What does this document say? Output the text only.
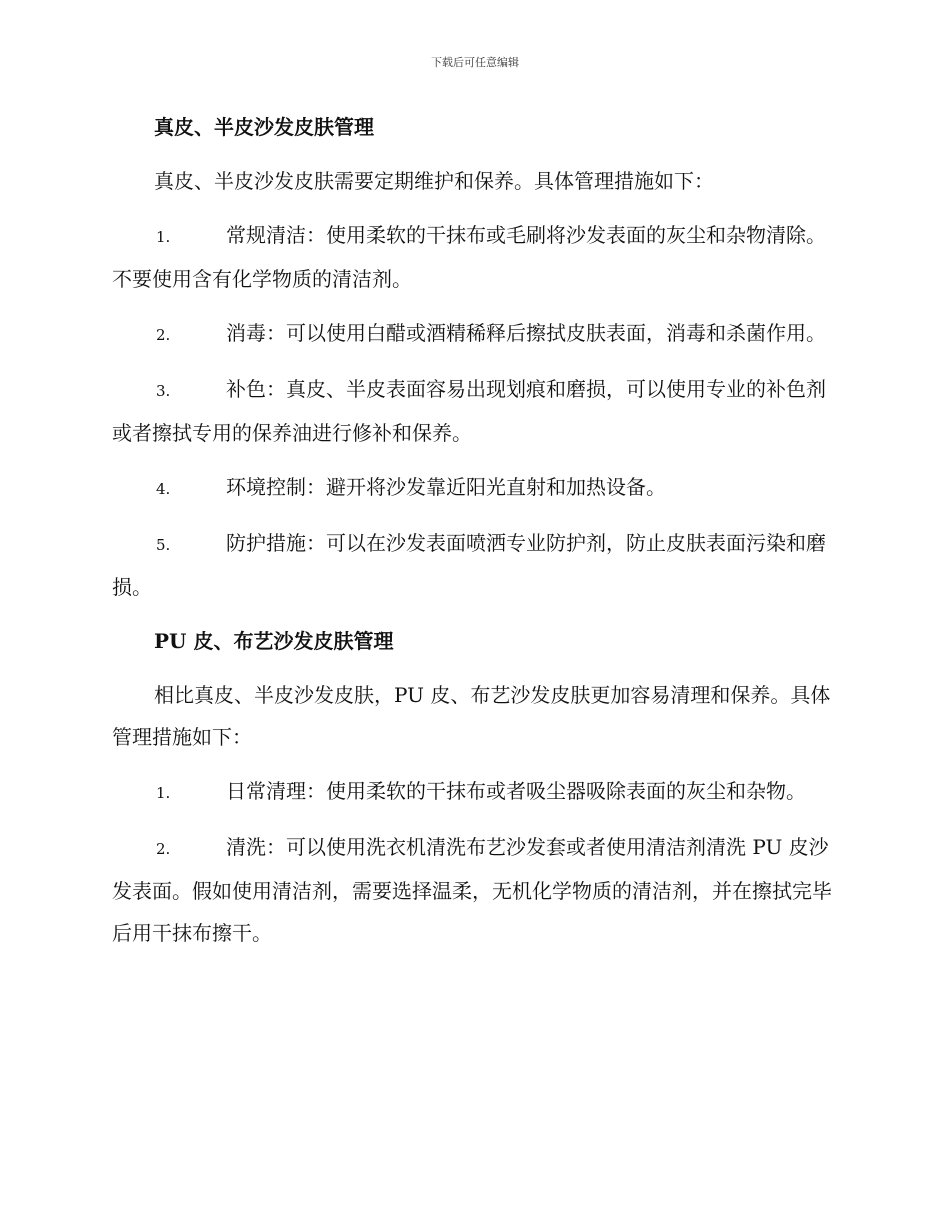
下载后可任意编辑
真皮、半皮沙发皮肤管理
真皮、半皮沙发皮肤需要定期维护和保养。具体管理措施如下：
1.	常规清洁：使用柔软的干抹布或毛刷将沙发表面的灰尘和杂物清除。不要使用含有化学物质的清洁剂。
2.	消毒：可以使用白醋或酒精稀释后擦拭皮肤表面，消毒和杀菌作用。
3.	补色：真皮、半皮表面容易出现划痕和磨损，可以使用专业的补色剂或者擦拭专用的保养油进行修补和保养。
4.	环境控制：避开将沙发靠近阳光直射和加热设备。
5.	防护措施：可以在沙发表面喷洒专业防护剂，防止皮肤表面污染和磨损。
PU 皮、布艺沙发皮肤管理
相比真皮、半皮沙发皮肤，PU 皮、布艺沙发皮肤更加容易清理和保养。具体管理措施如下：
1.	日常清理：使用柔软的干抹布或者吸尘器吸除表面的灰尘和杂物。
2.	清洗：可以使用洗衣机清洗布艺沙发套或者使用清洁剂清洗 PU 皮沙发表面。假如使用清洁剂，需要选择温柔，无机化学物质的清洁剂，并在擦拭完毕后用干抹布擦干。
